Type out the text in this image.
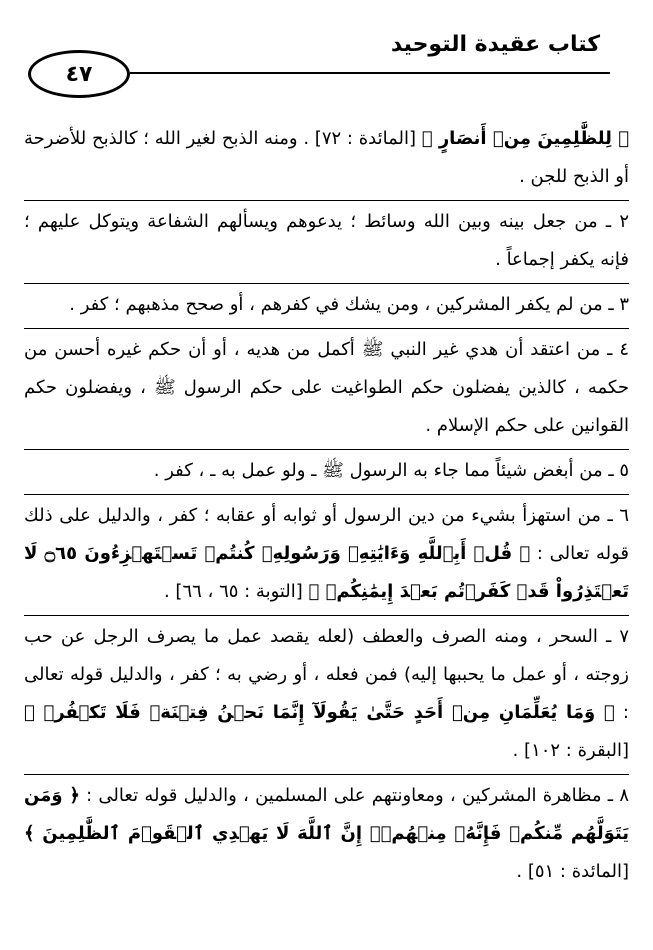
كتاب عقيدة التوحيد
٤٧

﴿ لِلظَّٰلِمِينَ مِنۡ أَنصَارٍ ﴾ [المائدة : ٧٢] . ومنه الذبح لغير الله ؛ كالذبح للأضرحة أو الذبح للجن .

٢ ـ من جعل بينه وبين الله وسائط ؛ يدعوهم ويسألهم الشفاعة ويتوكل عليهم ؛ فإنه يكفر إجماعاً .

٣ ـ من لم يكفر المشركين ، ومن يشك في كفرهم ، أو صحح مذهبهم ؛ كفر .

٤ ـ من اعتقد أن هدي غير النبي ﷺ أكمل من هديه ، أو أن حكم غيره أحسن من حكمه ، كالذين يفضلون حكم الطواغيت على حكم الرسول ﷺ ، ويفضلون حكم القوانين على حكم الإسلام .

٥ ـ من أبغض شيئاً مما جاء به الرسول ﷺ ـ ولو عمل به ـ ، كفر .

٦ ـ من استهزأ بشيء من دين الرسول أو ثوابه أو عقابه ؛ كفر ، والدليل على ذلك قوله تعالى : ﴿ قُلۡ أَبِٱللَّهِ وَءَايَٰتِهِۦ وَرَسُولِهِۦ كُنتُمۡ تَسۡتَهۡزِءُونَ ۝٦٥ لَا تَعۡتَذِرُواْ قَدۡ كَفَرۡتُم بَعۡدَ إِيمَٰنِكُمۡ ﴾ [التوبة : ٦٥ ، ٦٦] .

٧ ـ السحر ، ومنه الصرف والعطف (لعله يقصد عمل ما يصرف الرجل عن حب زوجته ، أو عمل ما يحببها إليه) فمن فعله ، أو رضي به ؛ كفر ، والدليل قوله تعالى : ﴿ وَمَا يُعَلِّمَانِ مِنۡ أَحَدٍ حَتَّىٰ يَقُولَآ إِنَّمَا نَحۡنُ فِتۡنَةٞ فَلَا تَكۡفُرۡ ﴾ [البقرة : ١٠٢] .

٨ ـ مظاهرة المشركين ، ومعاونتهم على المسلمين ، والدليل قوله تعالى : ﴿ وَمَن يَتَوَلَّهُم مِّنكُمۡ فَإِنَّهُۥ مِنۡهُمۡۗ إِنَّ ٱللَّهَ لَا يَهۡدِي ٱلۡقَوۡمَ ٱلظَّٰلِمِينَ ﴾ [المائدة : ٥١] .
